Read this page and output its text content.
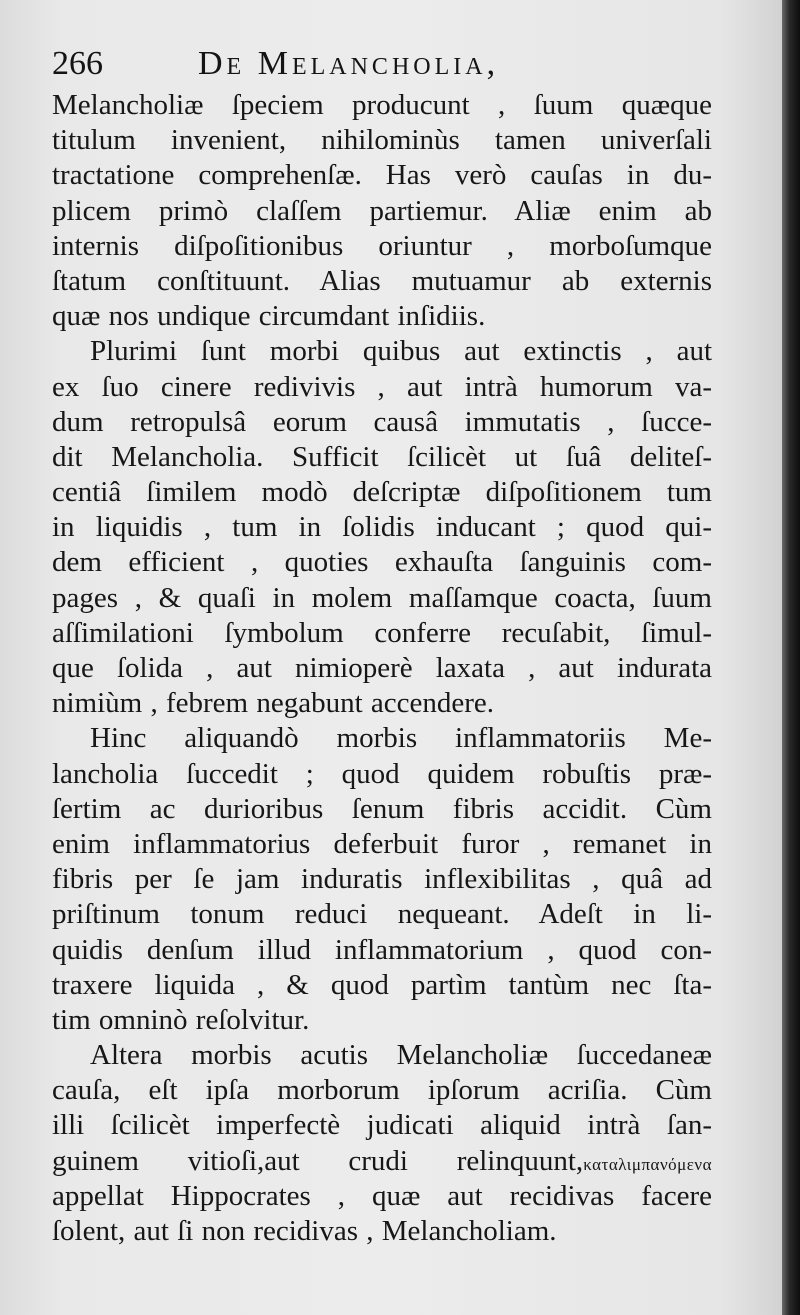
266	De Melancholia,
Melancholiæ ſpeciem producunt , ſuum quæque
titulum invenient, nihilominùs tamen univerſali
tractatione comprehenſæ. Has verò cauſas in du-
plicem primò claſſem partiemur. Aliæ enim ab
internis diſpoſitionibus oriuntur , morboſumque
ſtatum conſtituunt. Alias mutuamur ab externis
quæ nos undique circumdant inſidiis.
Plurimi ſunt morbi quibus aut extinctis , aut
ex ſuo cinere redivivis , aut intrà humorum va-
dum retropulsâ eorum causâ immutatis , ſucce-
dit Melancholia. Sufficit ſcilicèt ut ſuâ deliteſ-
centiâ ſimilem modò deſcriptæ diſpoſitionem tum
in liquidis , tum in ſolidis inducant ; quod qui-
dem efficient , quoties exhauſta ſanguinis com-
pages , & quaſi in molem maſſamque coacta, ſuum
aſſimilationi ſymbolum conferre recuſabit, ſimul-
que ſolida , aut nimioperè laxata , aut indurata
nimiùm , febrem negabunt accendere.
Hinc aliquandò morbis inflammatoriis Me-
lancholia ſuccedit ; quod quidem robuſtis præ-
ſertim ac durioribus ſenum fibris accidit. Cùm
enim inflammatorius deferbuit furor , remanet in
fibris per ſe jam induratis inflexibilitas , quâ ad
priſtinum tonum reduci nequeant. Adeſt in li-
quidis denſum illud inflammatorium , quod con-
traxere liquida , & quod partìm tantùm nec ſta-
tim omninò reſolvitur.
Altera morbis acutis Melancholiæ ſuccedaneæ
cauſa, eſt ipſa morborum ipſorum acriſia. Cùm
illi ſcilicèt imperfectè judicati aliquid intrà ſan-
guinem vitioſi,aut crudi relinquunt,καταλιμπανόμενα
appellat Hippocrates , quæ aut recidivas facere
ſolent, aut ſi non recidivas , Melancholiam.
